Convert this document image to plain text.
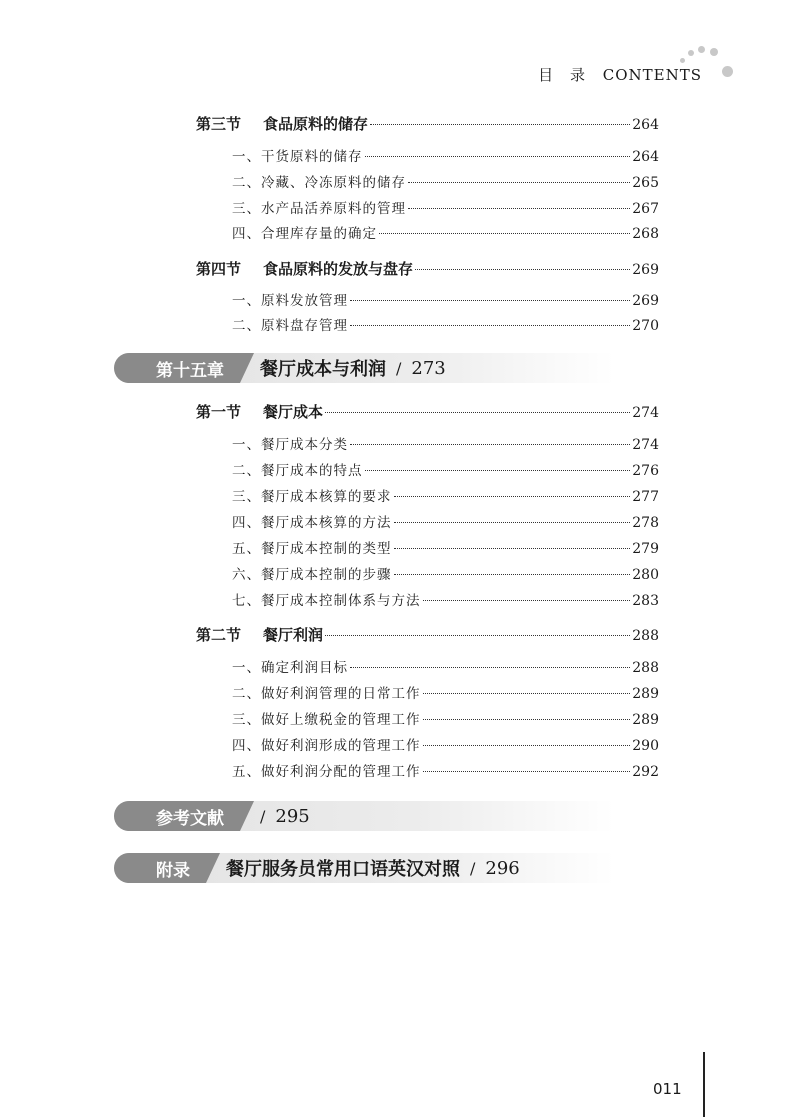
目 录 CONTENTS
第三节 食品原料的储存	264
一、干货原料的储存	264
二、冷藏、冷冻原料的储存	265
三、水产品活养原料的管理	267
四、合理库存量的确定	268
第四节 食品原料的发放与盘存	269
一、原料发放管理	269
二、原料盘存管理	270
第十五章	餐厅成本与利润 / 273
第一节 餐厅成本	274
一、餐厅成本分类	274
二、餐厅成本的特点	276
三、餐厅成本核算的要求	277
四、餐厅成本核算的方法	278
五、餐厅成本控制的类型	279
六、餐厅成本控制的步骤	280
七、餐厅成本控制体系与方法	283
第二节 餐厅利润	288
一、确定利润目标	288
二、做好利润管理的日常工作	289
三、做好上缴税金的管理工作	289
四、做好利润形成的管理工作	290
五、做好利润分配的管理工作	292
参考文献	/ 295
附录	餐厅服务员常用口语英汉对照 / 296
011
